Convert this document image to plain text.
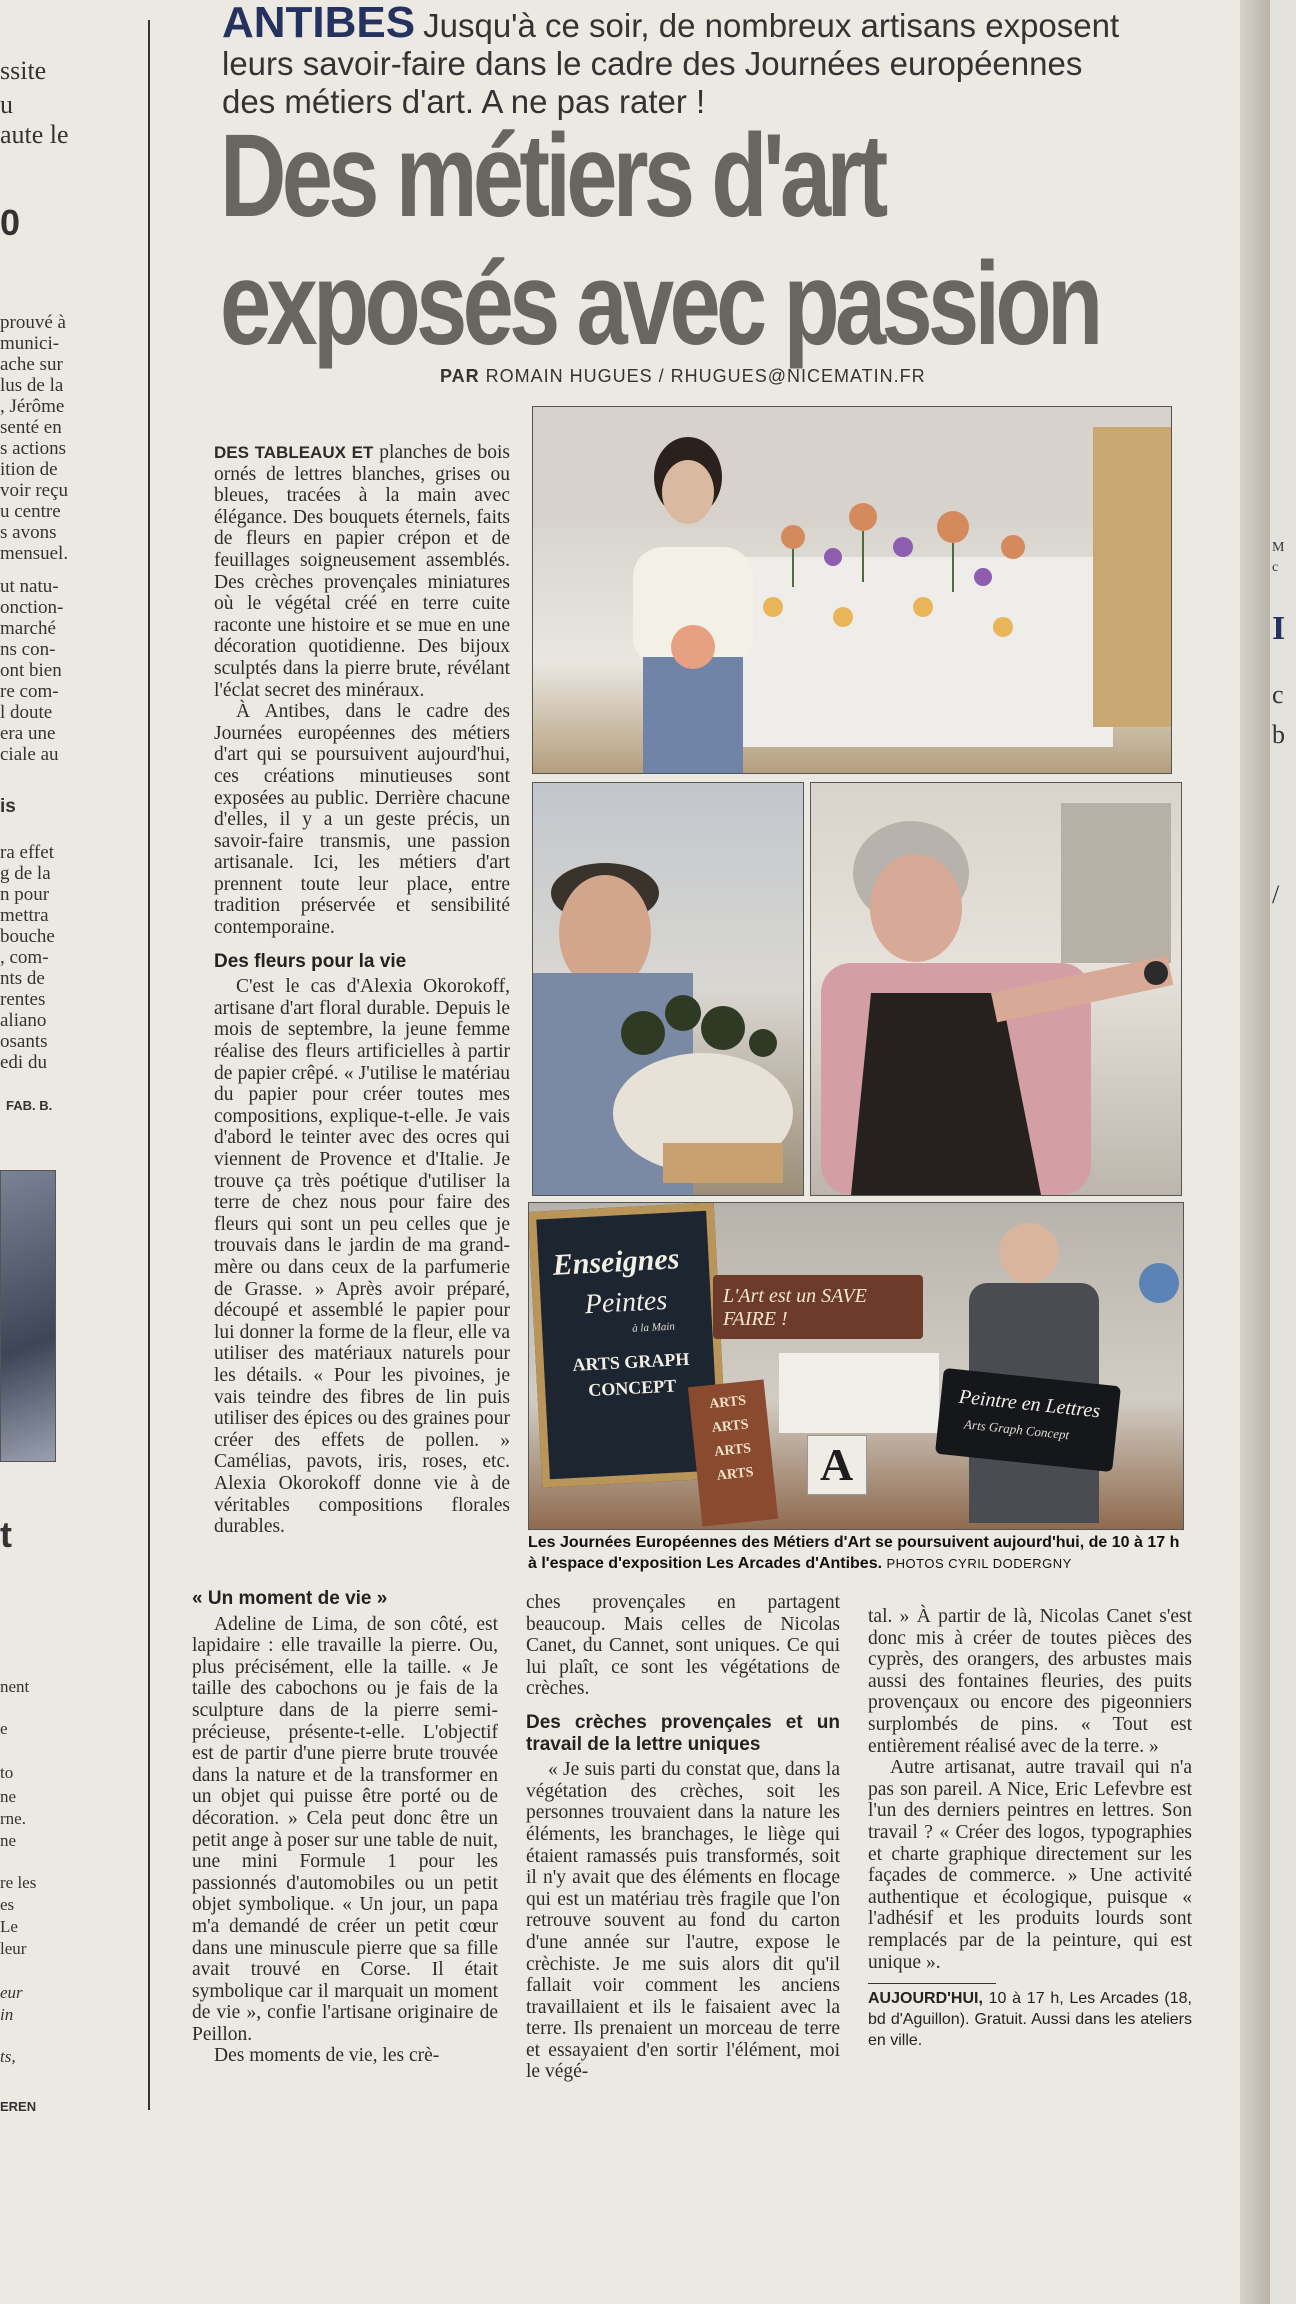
M
c
I
c
b
/
ssite
u
aute le
0
prouvé à
munici-
ache sur
lus de la
, Jérôme
senté en
s actions
ition de
voir reçu
u centre
s avons
mensuel.
ut natu-
onction-
marché
ns con-
ont bien
re com-
l doute
era une
ciale au
is
ra effet
g de la
n pour
mettra
bouche
, com-
nts de
rentes
aliano
osants
edi du
FAB. B.
t
nent
e
to
ne
rne.
ne
re les
es
Le
leur
eur
in
ts,
EREN
ANTIBES Jusqu'à ce soir, de nombreux artisans exposent leurs savoir-faire dans le cadre des Journées européennes des métiers d'art. A ne pas rater !
Des métiers d'art
exposés avec passion
PAR ROMAIN HUGUES / RHUGUES@NICEMATIN.FR

DES TABLEAUX ET planches de bois ornés de lettres blanches, grises ou bleues, tracées à la main avec élégance. Des bouquets éternels, faits de fleurs en papier crépon et de feuillages soigneusement assemblés. Des crèches provençales miniatures où le végétal créé en terre cuite raconte une histoire et se mue en une décoration quotidienne. Des bijoux sculptés dans la pierre brute, révélant l'éclat secret des minéraux.

À Antibes, dans le cadre des Journées européennes des métiers d'art qui se poursuivent aujourd'hui, ces créations minutieuses sont exposées au public. Derrière chacune d'elles, il y a un geste précis, un savoir-faire transmis, une passion artisanale. Ici, les métiers d'art prennent toute leur place, entre tradition préservée et sensibilité contemporaine.

Des fleurs pour la vie

C'est le cas d'Alexia Okorokoff, artisane d'art floral durable. Depuis le mois de septembre, la jeune femme réalise des fleurs artificielles à partir de papier crêpé. « J'utilise le matériau du papier pour créer toutes mes compositions, explique-t-elle. Je vais d'abord le teinter avec des ocres qui viennent de Provence et d'Italie. Je trouve ça très poétique d'utiliser la terre de chez nous pour faire des fleurs qui sont un peu celles que je trouvais dans le jardin de ma grand-mère ou dans ceux de la parfumerie de Grasse. » Après avoir préparé, découpé et assemblé le papier pour lui donner la forme de la fleur, elle va utiliser des matériaux naturels pour les détails. « Pour les pivoines, je vais teindre des fibres de lin puis utiliser des épices ou des graines pour créer des effets de pollen. » Camélias, pavots, iris, roses, etc. Alexia Okorokoff donne vie à de véritables compositions florales durables.

« Un moment de vie »

Adeline de Lima, de son côté, est lapidaire : elle travaille la pierre. Ou, plus précisément, elle la taille. « Je taille des cabochons ou je fais de la sculpture dans de la pierre semi-précieuse, présente-t-elle. L'objectif est de partir d'une pierre brute trouvée dans la nature et de la transformer en un objet qui puisse être porté ou de décoration. » Cela peut donc être un petit ange à poser sur une table de nuit, une mini Formule 1 pour les passionnés d'automobiles ou un petit objet symbolique. « Un jour, un papa m'a demandé de créer un petit cœur dans une minuscule pierre que sa fille avait trouvé en Corse. Il était symbolique car il marquait un moment de vie », confie l'artisane originaire de Peillon.

Des moments de vie, les crè-

ches provençales en partagent beaucoup. Mais celles de Nicolas Canet, du Cannet, sont uniques. Ce qui lui plaît, ce sont les végétations de crèches.

Des crèches provençales et un travail de la lettre uniques

« Je suis parti du constat que, dans la végétation des crèches, soit les personnes trouvaient dans la nature les éléments, les branchages, le liège qui étaient ramassés puis transformés, soit il n'y avait que des éléments en flocage qui est un matériau très fragile que l'on retrouve souvent au fond du carton d'une année sur l'autre, expose le crèchiste. Je me suis alors dit qu'il fallait voir comment les anciens travaillaient et ils le faisaient avec la terre. Ils prenaient un morceau de terre et essayaient d'en sortir l'élément, moi le végé-

tal. » À partir de là, Nicolas Canet s'est donc mis à créer de toutes pièces des cyprès, des orangers, des arbustes mais aussi des fontaines fleuries, des puits provençaux ou encore des pigeonniers surplombés de pins. « Tout est entièrement réalisé avec de la terre. »

Autre artisanat, autre travail qui n'a pas son pareil. A Nice, Eric Lefevbre est l'un des derniers peintres en lettres. Son travail ? « Créer des logos, typographies et charte graphique directement sur les façades de commerce. » Une activité authentique et écologique, puisque « l'adhésif et les produits lourds sont remplacés par de la peinture, qui est unique ».

AUJOURD'HUI, 10 à 17 h, Les Arcades (18, bd d'Aguillon). Gratuit. Aussi dans les ateliers en ville.
Enseignes
Peintes
à la Main
ARTS GRAPH CONCEPT
L'Art est un SAVE FAIRE !
ARTS ARTS ARTS ARTS A
Peintre en Lettres
Arts Graph Concept
Les Journées Européennes des Métiers d'Art se poursuivent aujourd'hui, de 10 à 17 h à l'espace d'exposition Les Arcades d'Antibes. PHOTOS CYRIL DODERGNY
